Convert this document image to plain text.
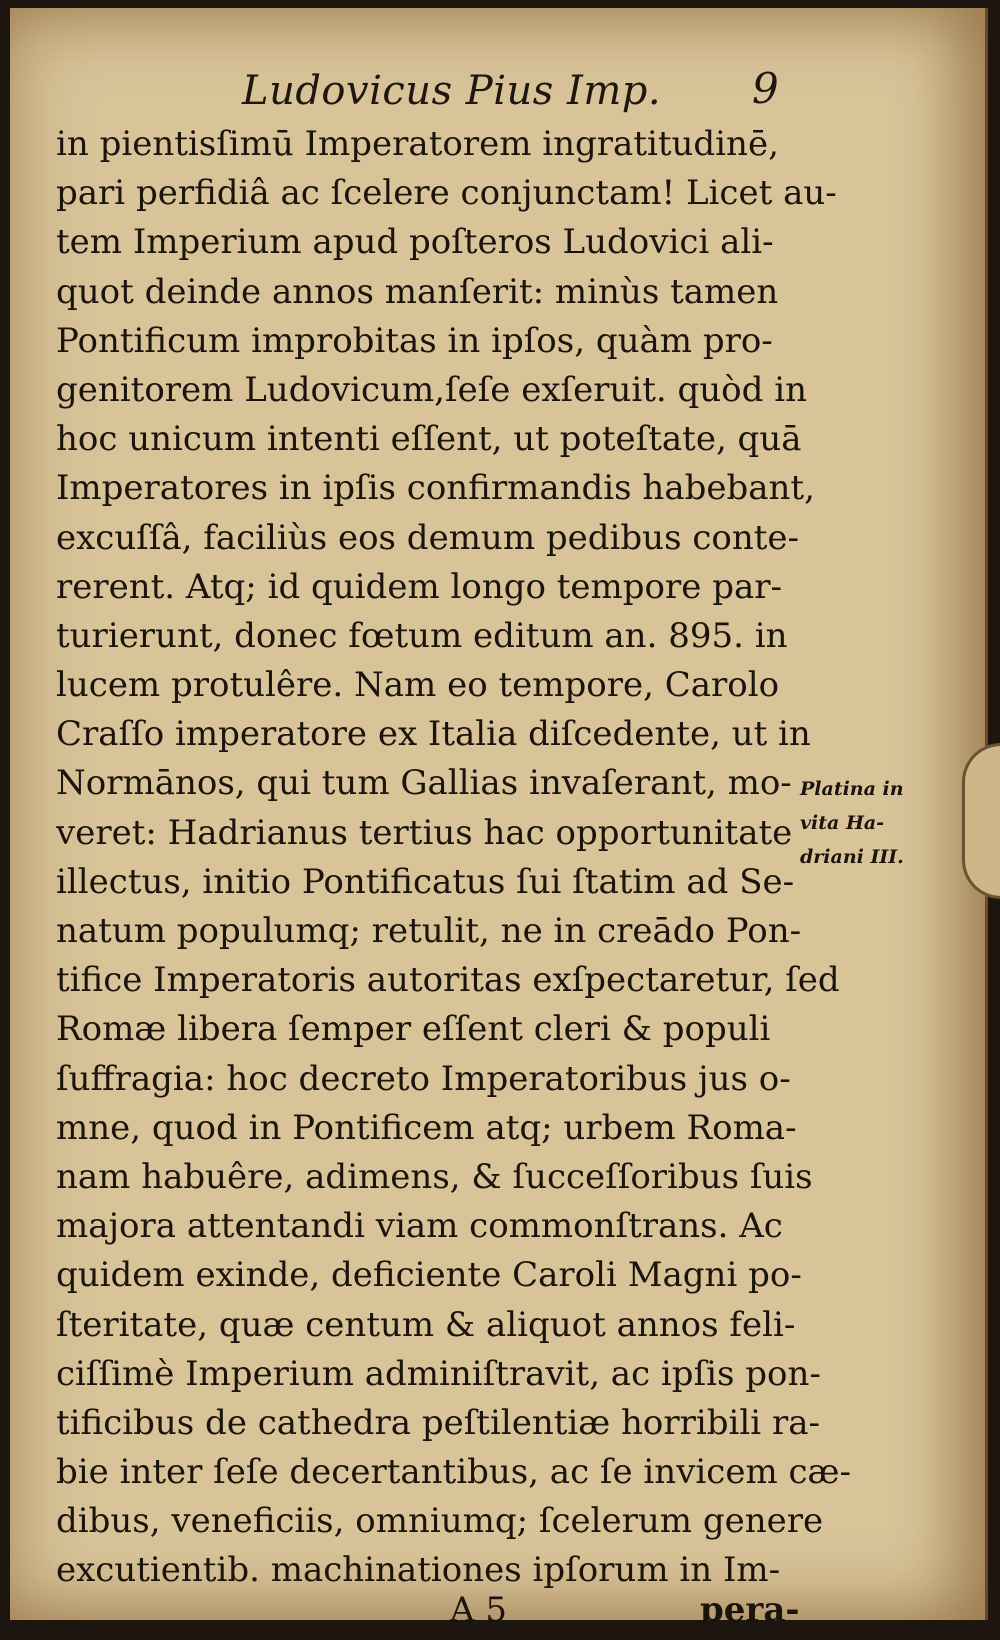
Ludovicus Pius Imp. 9
in pientisſimū Imperatorem ingratitudinē,
pari perfidiâ ac ſcelere conjunctam! Licet au-
tem Imperium apud poſteros Ludovici ali-
quot deinde annos manſerit: minùs tamen
Pontificum improbitas in ipſos, quàm pro-
genitorem Ludovicum,ſeſe exſeruit. quòd in
hoc unicum intenti eſſent, ut poteſtate, quā
Imperatores in ipſis confirmandis habebant,
excuſſâ, faciliùs eos demum pedibus conte-
rerent. Atq; id quidem longo tempore par-
turierunt, donec fœtum editum an. 895. in
lucem protulêre. Nam eo tempore, Carolo
Craſſo imperatore ex Italia diſcedente, ut in
Normānos, qui tum Gallias invaſerant, mo-
veret: Hadrianus tertius hac opportunitate
illectus, initio Pontificatus ſui ſtatim ad Se-
natum populumq; retulit, ne in creādo Pon-
tifice Imperatoris autoritas exſpectaretur, ſed
Romæ libera ſemper eſſent cleri & populi
ſuffragia: hoc decreto Imperatoribus jus o-
mne, quod in Pontificem atq; urbem Roma-
nam habuêre, adimens, & ſucceſſoribus ſuis
majora attentandi viam commonſtrans. Ac
quidem exinde, deficiente Caroli Magni po-
ſteritate, quæ centum & aliquot annos feli-
ciſſimè Imperium adminiſtravit, ac ipſis pon-
tificibus de cathedra peſtilentiæ horribili ra-
bie inter ſeſe decertantibus, ac ſe invicem cæ-
dibus, veneficiis, omniumq; ſcelerum genere
excutientib. machinationes ipſorum in Im-
Platina in
vita Ha-
driani III.
A 5	pera-
